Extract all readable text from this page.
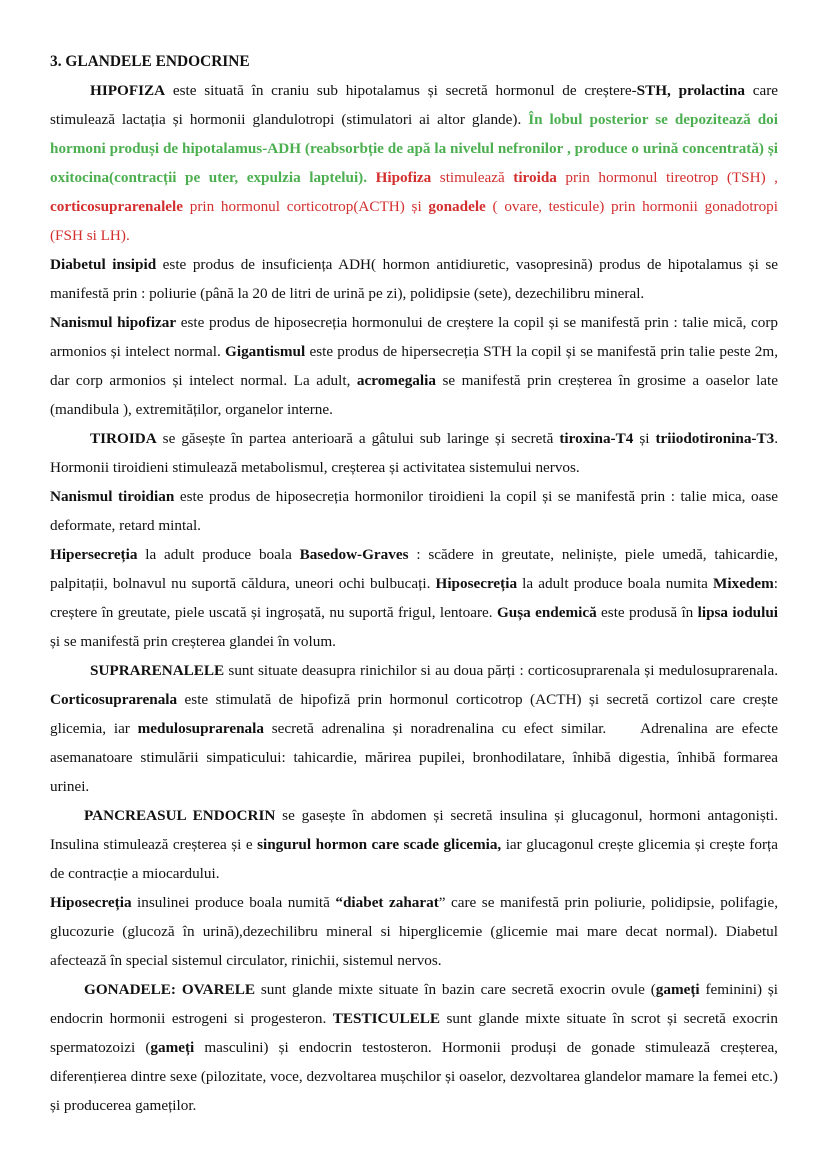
3. GLANDELE ENDOCRINE

HIPOFIZA este situată în craniu sub hipotalamus și secretă hormonul de creștere-STH, prolactina care stimulează lactația și hormonii glandulotropi (stimulatori ai altor glande). În lobul posterior se depozitează doi hormoni produși de hipotalamus-ADH (reabsorbție de apă la nivelul nefronilor , produce o urină concentrată) și oxitocina(contracții pe uter, expulzia laptelui). Hipofiza stimulează tiroida prin hormonul tireotrop (TSH) , corticosuprarenalele prin hormonul corticotrop(ACTH) și gonadele ( ovare, testicule) prin hormonii gonadotropi (FSH si LH).

Diabetul insipid este produs de insuficiența ADH( hormon antidiuretic, vasopresină) produs de hipotalamus și se manifestă prin : poliurie (până la 20 de litri de urină pe zi), polidipsie (sete), dezechilibru mineral.

Nanismul hipofizar este produs de hiposecreția hormonului de creștere la copil și se manifestă prin : talie mică, corp armonios și intelect normal. Gigantismul este produs de hipersecreția STH la copil și se manifestă prin talie peste 2m, dar corp armonios și intelect normal. La adult, acromegalia se manifestă prin creșterea în grosime a oaselor late (mandibula ), extremităților, organelor interne.

TIROIDA se găsește în partea anterioară a gâtului sub laringe și secretă tiroxina-T4 și triiodotironina-T3. Hormonii tiroidieni stimulează metabolismul, creșterea și activitatea sistemului nervos.

Nanismul tiroidian este produs de hiposecreția hormonilor tiroidieni la copil și se manifestă prin : talie mica, oase deformate, retard mintal.

Hipersecreția la adult produce boala Basedow-Graves : scădere in greutate, neliniște, piele umedă, tahicardie, palpitații, bolnavul nu suportă căldura, uneori ochi bulbucați. Hiposecreția la adult produce boala numita Mixedem: creștere în greutate, piele uscată și ingroșată, nu suportă frigul, lentoare. Gușa endemică este produsă în lipsa iodului și se manifestă prin creșterea glandei în volum.

SUPRARENALELE sunt situate deasupra rinichilor si au doua părți : corticosuprarenala și medulosuprarenala. Corticosuprarenala este stimulată de hipofiză prin hormonul corticotrop (ACTH) și secretă cortizol care crește glicemia, iar medulosuprarenala secretă adrenalina și noradrenalina cu efect similar. Adrenalina are efecte asemanatoare stimulării simpaticului: tahicardie, mărirea pupilei, bronhodilatare, înhibă digestia, înhibă formarea urinei.

PANCREASUL ENDOCRIN se gasește în abdomen și secretă insulina și glucagonul, hormoni antagoniști. Insulina stimulează creșterea și e singurul hormon care scade glicemia, iar glucagonul crește glicemia și crește forța de contracție a miocardului.

Hiposecreția insulinei produce boala numită “diabet zaharat” care se manifestă prin poliurie, polidipsie, polifagie, glucozurie (glucoză în urină),dezechilibru mineral si hiperglicemie (glicemie mai mare decat normal). Diabetul afectează în special sistemul circulator, rinichii, sistemul nervos.

GONADELE: OVARELE sunt glande mixte situate în bazin care secretă exocrin ovule (gameți feminini) și endocrin hormonii estrogeni si progesteron. TESTICULELE sunt glande mixte situate în scrot și secretă exocrin spermatozoizi (gameți masculini) și endocrin testosteron. Hormonii produși de gonade stimulează creșterea, diferențierea dintre sexe (pilozitate, voce, dezvoltarea mușchilor și oaselor, dezvoltarea glandelor mamare la femei etc.) și producerea gameților.
